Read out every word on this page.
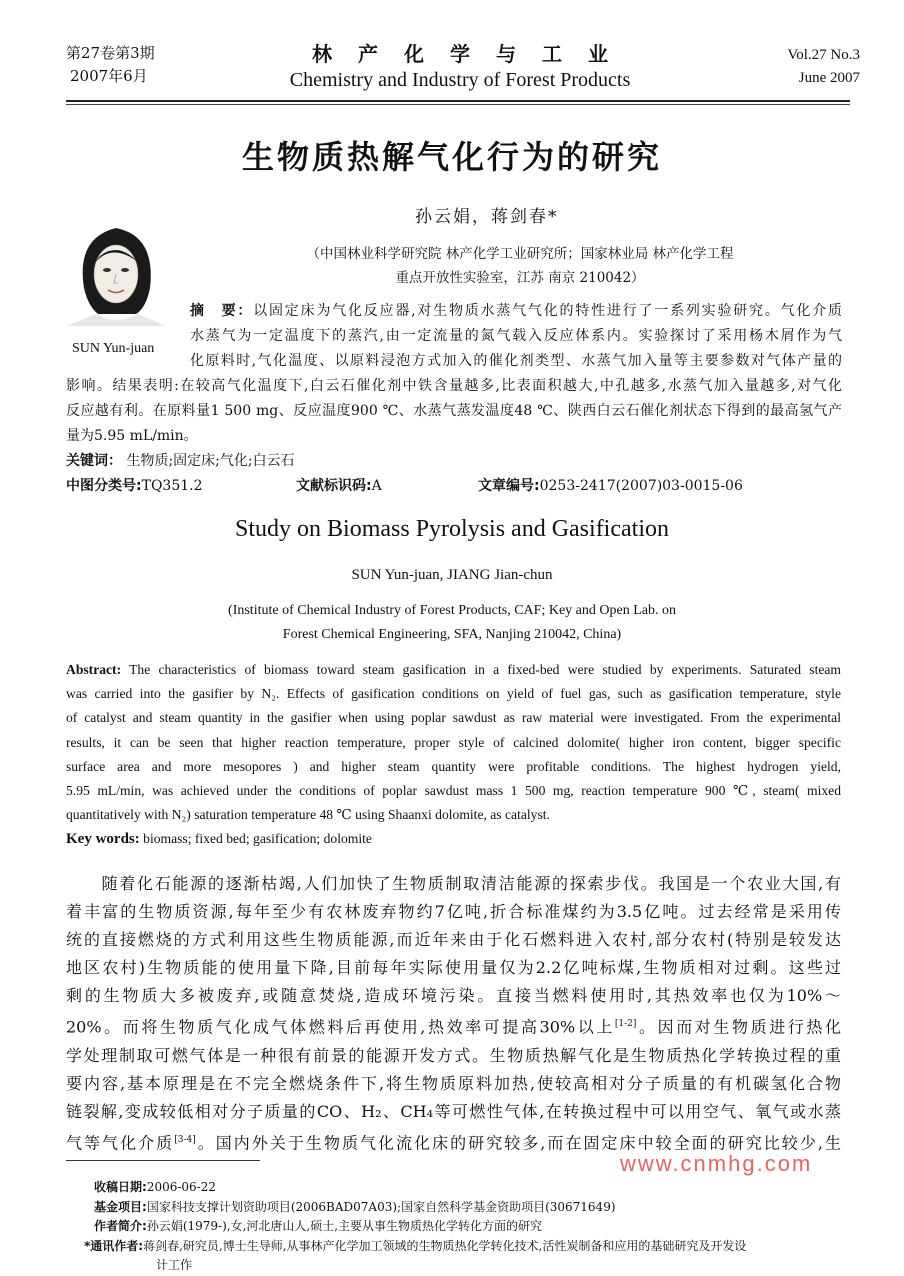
第27卷第3期
2007年6月
林产化学与工业
Chemistry and Industry of Forest Products
Vol.27 No.3
June 2007
生物质热解气化行为的研究
孙云娟，蒋剑春*
（中国林业科学研究院 林产化学工业研究所；国家林业局 林产化学工程
重点开放性实验室，江苏 南京 210042）
SUN Yun-juan
摘　要：以固定床为气化反应器,对生物质水蒸气气化的特性进行了一系列实验研究。气化介质
水蒸气为一定温度下的蒸汽,由一定流量的氮气载入反应体系内。实验探讨了采用杨木屑作为气
化原料时,气化温度、以原料浸泡方式加入的催化剂类型、水蒸气加入量等主要参数对气体产量的
影响。结果表明:在较高气化温度下,白云石催化剂中铁含量越多,比表面积越大,中孔越多,水蒸气加入量越多,对气化
反应越有利。在原料量1 500 mg、反应温度900 ℃、水蒸气蒸发温度48 ℃、陕西白云石催化剂状态下得到的最高氢气产
量为5.95 mL/min。
关键词： 生物质;固定床;气化;白云石
中图分类号:TQ351.2	文献标识码:A	文章编号:0253-2417(2007)03-0015-06
Study on Biomass Pyrolysis and Gasification
SUN Yun-juan, JIANG Jian-chun
(Institute of Chemical Industry of Forest Products, CAF; Key and Open Lab. on
Forest Chemical Engineering, SFA, Nanjing 210042, China)
Abstract: The characteristics of biomass toward steam gasification in a fixed-bed were studied by experiments. Saturated steam
was carried into the gasifier by N₂. Effects of gasification conditions on yield of fuel gas, such as gasification temperature, style
of catalyst and steam quantity in the gasifier when using poplar sawdust as raw material were investigated. From the experimental
results, it can be seen that higher reaction temperature, proper style of calcined dolomite( higher iron content, bigger specific
surface area and more mesopores ) and higher steam quantity were profitable conditions. The highest hydrogen yield,
5.95 mL/min, was achieved under the conditions of poplar sawdust mass 1 500 mg, reaction temperature 900 ℃, steam( mixed
quantitatively with N₂) saturation temperature 48 ℃ using Shaanxi dolomite, as catalyst.
Key words: biomass; fixed bed; gasification; dolomite
　　随着化石能源的逐渐枯竭,人们加快了生物质制取清洁能源的探索步伐。我国是一个农业大国,有
着丰富的生物质资源,每年至少有农林废弃物约7亿吨,折合标准煤约为3.5亿吨。过去经常是采用传
统的直接燃烧的方式利用这些生物质能源,而近年来由于化石燃料进入农村,部分农村(特别是较发达
地区农村)生物质能的使用量下降,目前每年实际使用量仅为2.2亿吨标煤,生物质相对过剩。这些过
剩的生物质大多被废弃,或随意焚烧,造成环境污染。直接当燃料使用时,其热效率也仅为10%～
20%。而将生物质气化成气体燃料后再使用,热效率可提高30%以上[1-2]。因而对生物质进行热化
学处理制取可燃气体是一种很有前景的能源开发方式。生物质热解气化是生物质热化学转换过程的重
要内容,基本原理是在不完全燃烧条件下,将生物质原料加热,使较高相对分子质量的有机碳氢化合物
链裂解,变成较低相对分子质量的CO、H₂、CH₄等可燃性气体,在转换过程中可以用空气、氧气或水蒸
气等气化介质[3-4]。国内外关于生物质气化流化床的研究较多,而在固定床中较全面的研究比较少,生
www.cnmhg.com
收稿日期:2006-06-22
基金项目:国家科技支撑计划资助项目(2006BAD07A03);国家自然科学基金资助项目(30671649)
作者简介:孙云娟(1979-),女,河北唐山人,硕士,主要从事生物质热化学转化方面的研究
*通讯作者:蒋剑春,研究员,博士生导师,从事林产化学加工领域的生物质热化学转化技术,活性炭制备和应用的基础研究及开发设
计工作
